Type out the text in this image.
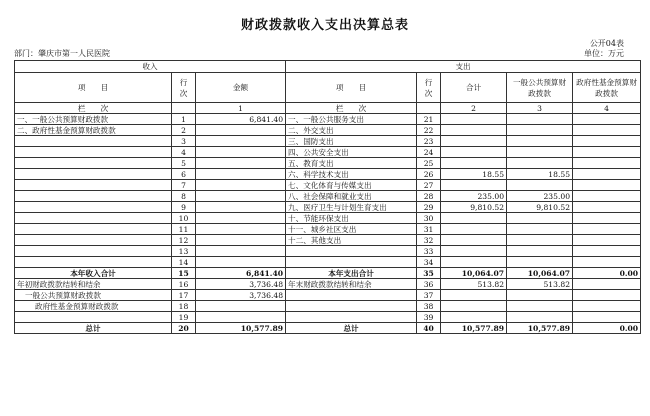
财政拨款收入支出决算总表
公开04表
部门：肇庆市第一人民医院	单位：万元
收入			支出				
项　　目	行次	金额	项　　目	行次	合计	一般公共预算财政拨款	政府性基金预算财政拨款
栏　　次		1	栏　　次		2	3	4
一、一般公共预算财政拨款	1	6,841.40	一、一般公共服务支出	21			
二、政府性基金预算财政拨款	2		二、外交支出	22			
	3		三、国防支出	23			
	4		四、公共安全支出	24			
	5		五、教育支出	25			
	6		六、科学技术支出	26	18.55	18.55	
	7		七、文化体育与传媒支出	27			
	8		八、社会保障和就业支出	28	235.00	235.00	
	9		九、医疗卫生与计划生育支出	29	9,810.52	9,810.52	
	10		十、节能环保支出	30			
	11		十一、城乡社区支出	31			
	12		十二、其他支出	32			
	13			33			
	14			34			
本年收入合计	15	6,841.40	本年支出合计	35	10,064.07	10,064.07	0.00
年初财政拨款结转和结余	16	3,736.48	年末财政拨款结转和结余	36	513.82	513.82	
一般公共预算财政拨款	17	3,736.48		37			
政府性基金预算财政拨款	18			38			
	19			39			
总计	20	10,577.89	总计	40	10,577.89	10,577.89	0.00
